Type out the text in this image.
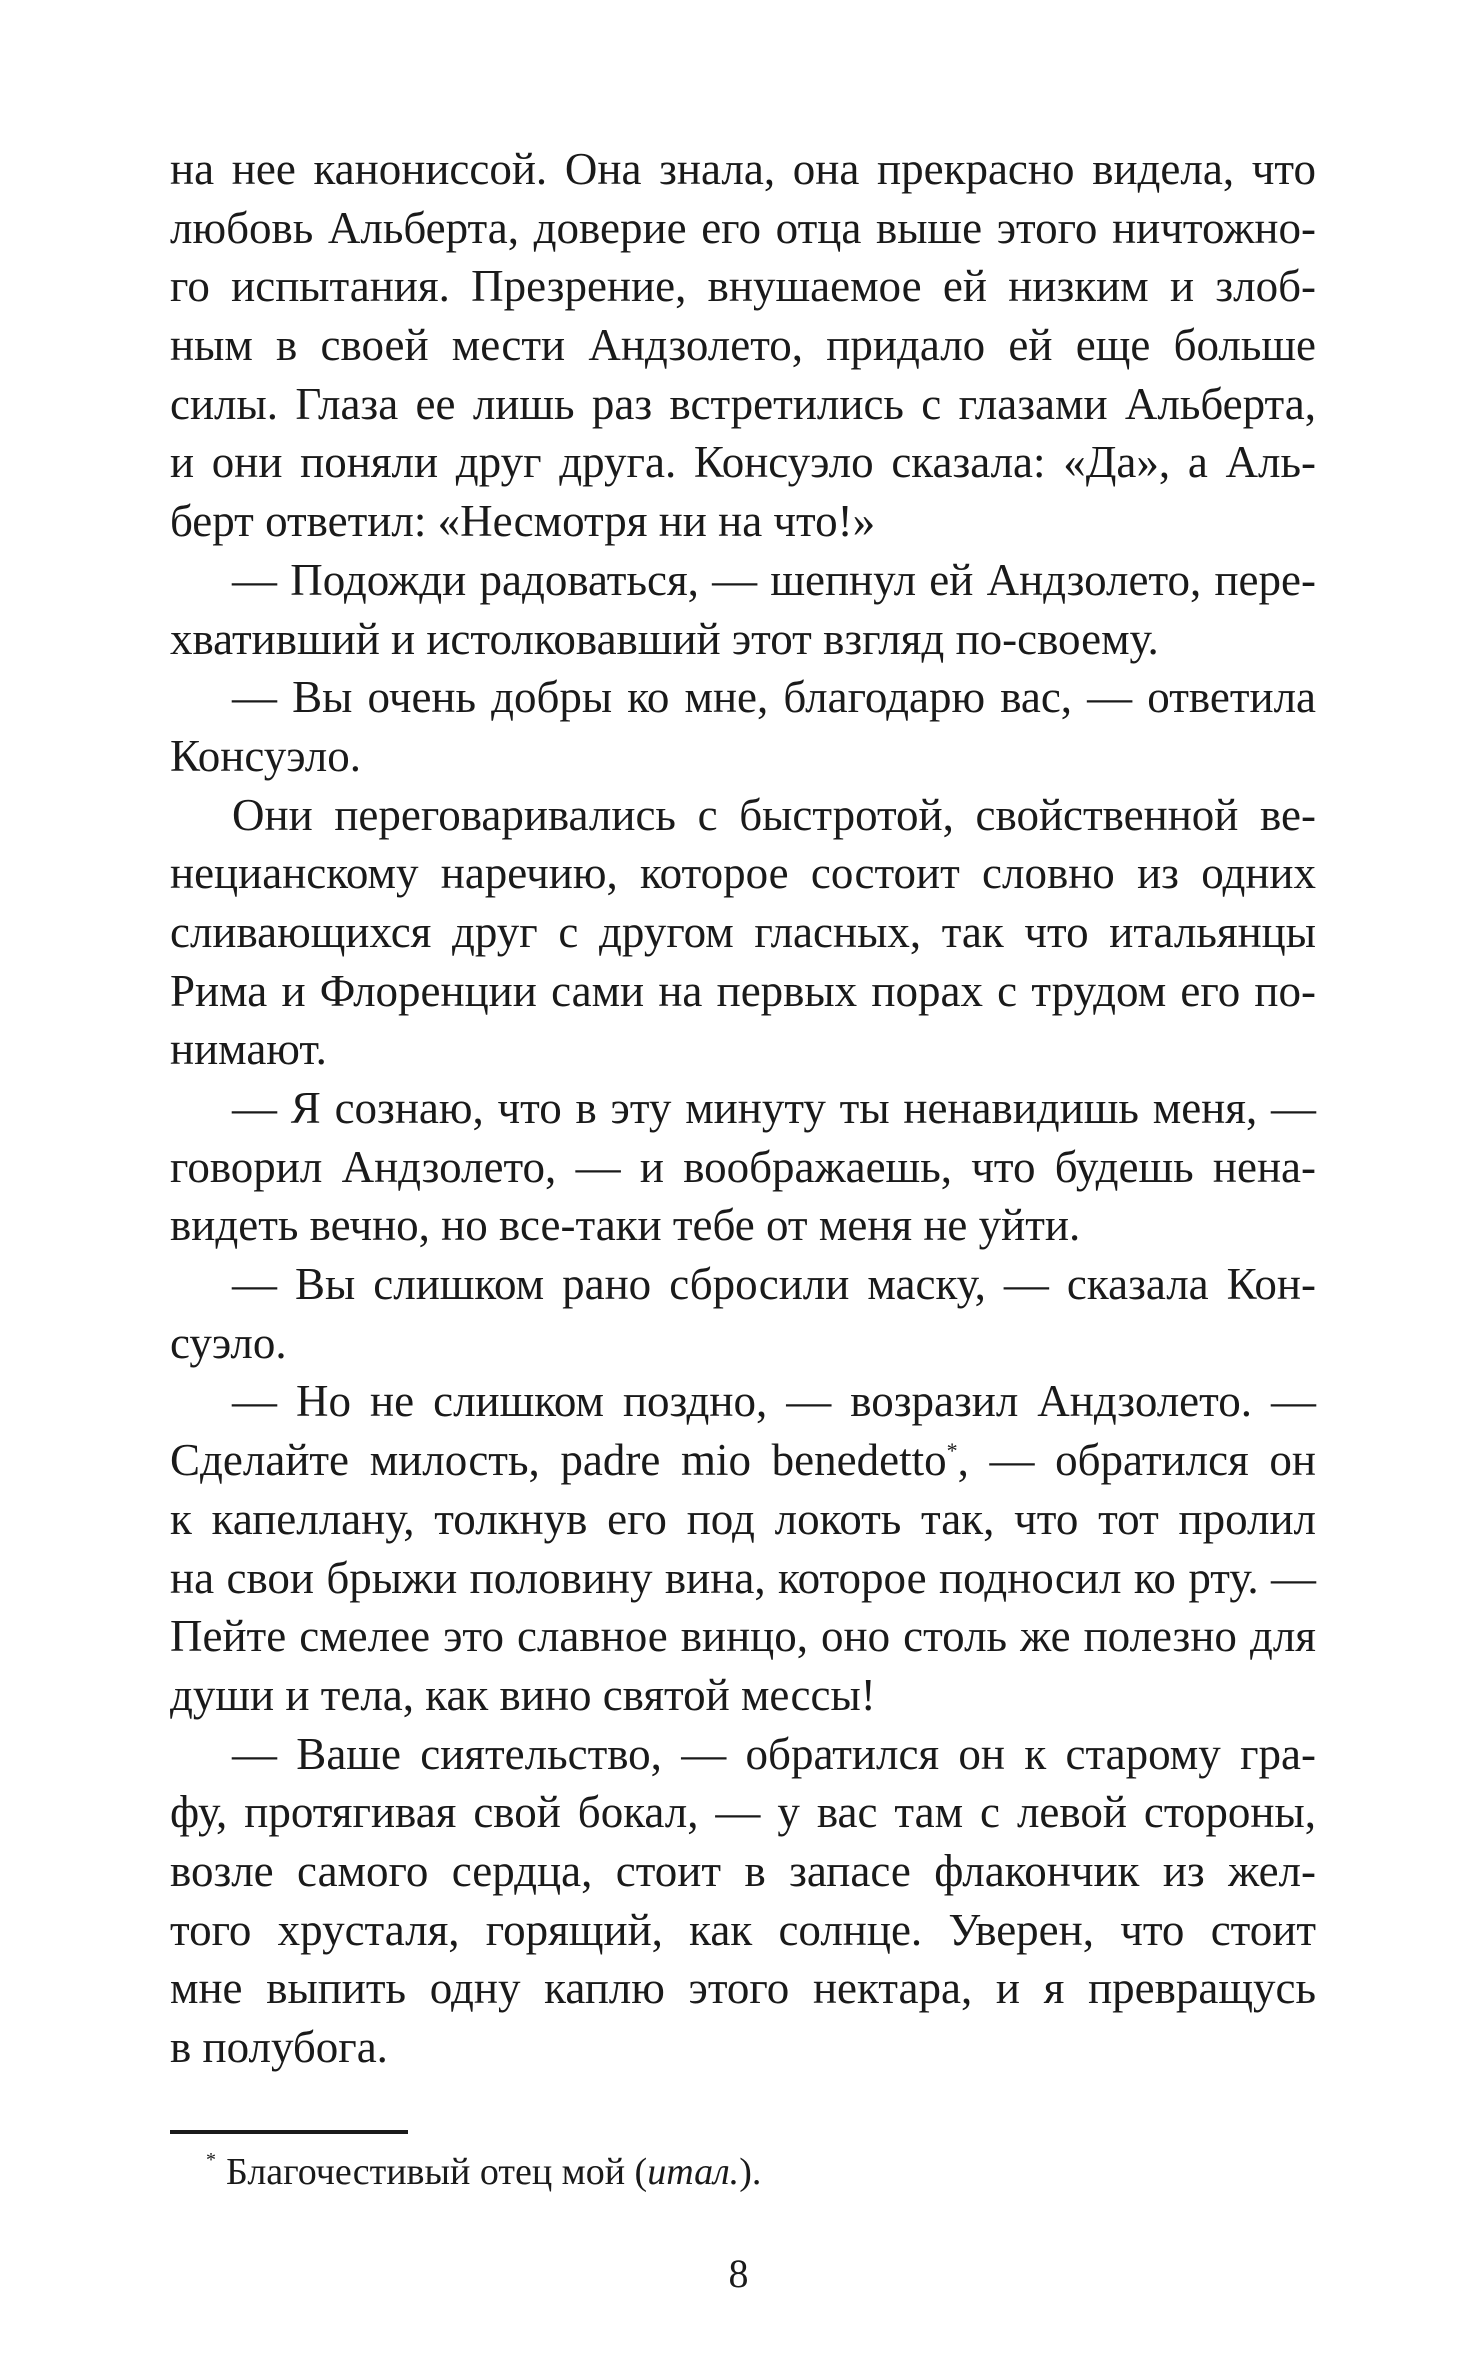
на нее канониссой. Она знала, она прекрасно видела, что
любовь Альберта, доверие его отца выше этого ничтожно-
го испытания. Презрение, внушаемое ей низким и злоб-
ным в своей мести Андзолето, придало ей еще больше
силы. Глаза ее лишь раз встретились с глазами Альберта,
и они поняли друг друга. Консуэло сказала: «Да», а Аль-
берт ответил: «Несмотря ни на что!»
— Подожди радоваться, — шепнул ей Андзолето, пере-
хвативший и истолковавший этот взгляд по-своему.
— Вы очень добры ко мне, благодарю вас, — ответила
Консуэло.
Они переговаривались с быстротой, свойственной ве-
нецианскому наречию, которое состоит словно из одних
сливающихся друг с другом гласных, так что итальянцы
Рима и Флоренции сами на первых порах с трудом его по-
нимают.
— Я сознаю, что в эту минуту ты ненавидишь меня, —
говорил Андзолето, — и воображаешь, что будешь нена-
видеть вечно, но все-таки тебе от меня не уйти.
— Вы слишком рано сбросили маску, — сказала Кон-
суэло.
— Но не слишком поздно, — возразил Андзолето. —
Сделайте милость, padre mio benedetto*, — обратился он
к капеллану, толкнув его под локоть так, что тот пролил
на свои брыжи половину вина, которое подносил ко рту. —
Пейте смелее это славное винцо, оно столь же полезно для
души и тела, как вино святой мессы!
— Ваше сиятельство, — обратился он к старому гра-
фу, протягивая свой бокал, — у вас там с левой стороны,
возле самого сердца, стоит в запасе флакончик из жел-
того хрусталя, горящий, как солнце. Уверен, что стоит
мне выпить одну каплю этого нектара, и я превращусь
в полубога.
* Благочестивый отец мой (итал.).
8
